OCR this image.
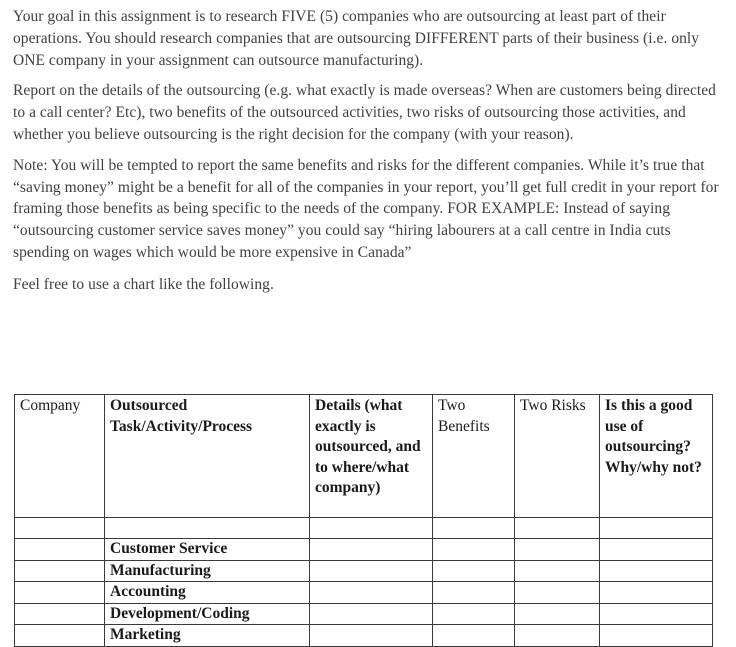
Your goal in this assignment is to research FIVE (5) companies who are outsourcing at least part of their operations. You should research companies that are outsourcing DIFFERENT parts of their business (i.e. only ONE company in your assignment can outsource manufacturing).

Report on the details of the outsourcing (e.g. what exactly is made overseas? When are customers being directed to a call center? Etc), two benefits of the outsourced activities, two risks of outsourcing those activities, and whether you believe outsourcing is the right decision for the company (with your reason).

Note: You will be tempted to report the same benefits and risks for the different companies. While it’s true that “saving money” might be a benefit for all of the companies in your report, you’ll get full credit in your report for framing those benefits as being specific to the needs of the company. FOR EXAMPLE: Instead of saying “outsourcing customer service saves money” you could say “hiring labourers at a call centre in India cuts spending on wages which would be more expensive in Canada”

Feel free to use a chart like the following.

Company	Outsourced Task/Activity/Process	Details (what exactly is outsourced, and to where/what company)	Two Benefits	Two Risks	Is this a good use of outsourcing? Why/why not?

	Customer Service				
	Manufacturing				
	Accounting				
	Development/Coding				
	Marketing				
